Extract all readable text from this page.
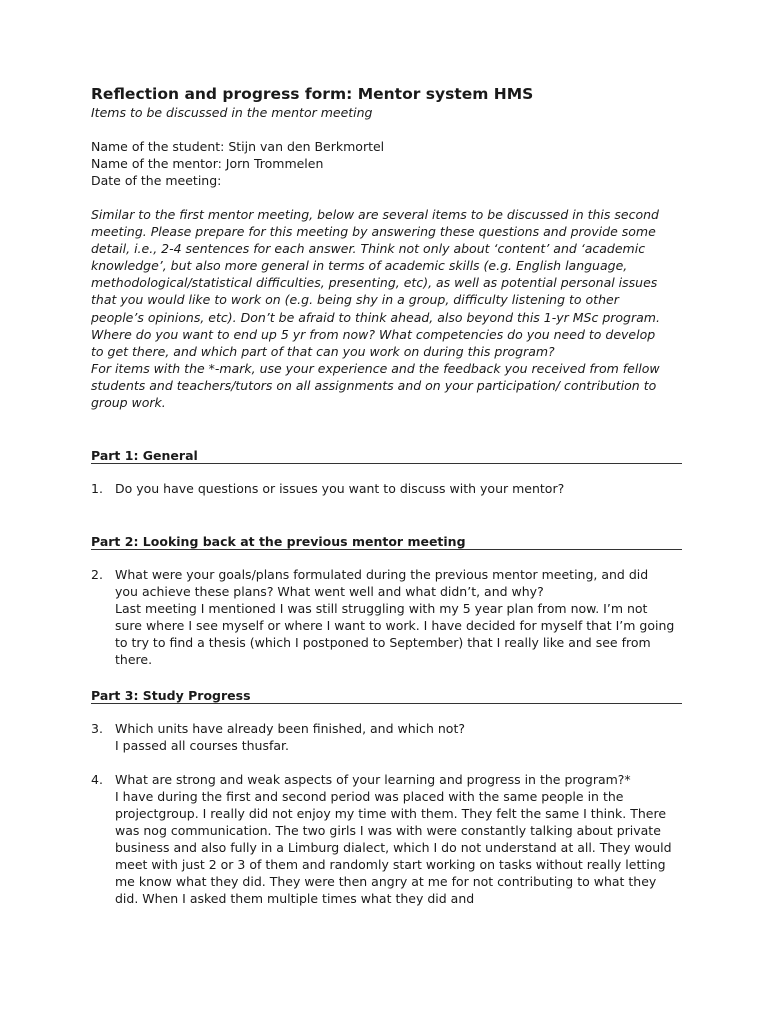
Reflection and progress form: Mentor system HMS

Items to be discussed in the mentor meeting

Name of the student: Stijn van den Berkmortel

Name of the mentor: Jorn Trommelen

Date of the meeting:

Similar to the first mentor meeting, below are several items to be discussed in this second meeting. Please prepare for this meeting by answering these questions and provide some detail, i.e., 2-4 sentences for each answer. Think not only about ‘content’ and ‘academic knowledge’, but also more general in terms of academic skills (e.g. English language, methodological/statistical difficulties, presenting, etc), as well as potential personal issues that you would like to work on (e.g. being shy in a group, difficulty listening to other people’s opinions, etc). Don’t be afraid to think ahead, also beyond this 1-yr MSc program. Where do you want to end up 5 yr from now? What competencies do you need to develop to get there, and which part of that can you work on during this program?

For items with the *-mark, use your experience and the feedback you received from fellow students and teachers/tutors on all assignments and on your participation/ contribution to group work.

Part 1: General
1. Do you have questions or issues you want to discuss with your mentor?

Part 2: Looking back at the previous mentor meeting
2. What were your goals/plans formulated during the previous mentor meeting, and did you achieve these plans? What went well and what didn’t, and why?

Last meeting I mentioned I was still struggling with my 5 year plan from now. I’m not sure where I see myself or where I want to work. I have decided for myself that I’m going to try to find a thesis (which I postponed to September) that I really like and see from there.

Part 3: Study Progress
3. Which units have already been finished, and which not?

I passed all courses thusfar.

4. What are strong and weak aspects of your learning and progress in the program?*

I have during the first and second period was placed with the same people in the projectgroup. I really did not enjoy my time with them. They felt the same I think. There was nog communication. The two girls I was with were constantly talking about private business and also fully in a Limburg dialect, which I do not understand at all. They would meet with just 2 or 3 of them and randomly start working on tasks without really letting me know what they did. They were then angry at me for not contributing to what they did. When I asked them multiple times what they did and
